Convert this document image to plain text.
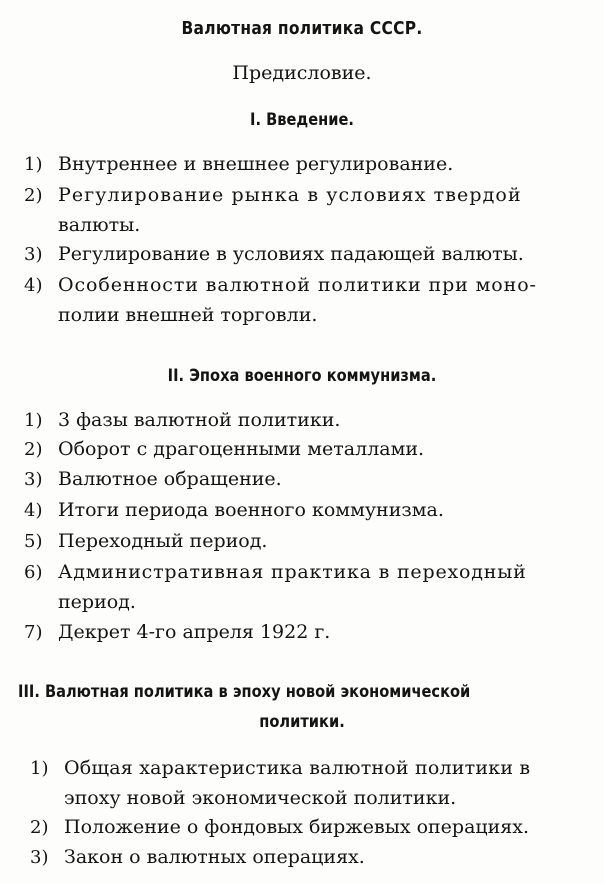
Валютная политика СССР.
Предисловие.
I. Введение.
1) Внутреннее и внешнее регулирование.
2) Регулирование рынка в условиях твердой
валюты.
3) Регулирование в условиях падающей валюты.
4) Особенности валютной политики при моно-
полии внешней торговли.
II. Эпоха военного коммунизма.
1) 3 фазы валютной политики.
2) Оборот с драгоценными металлами.
3) Валютное обращение.
4) Итоги периода военного коммунизма.
5) Переходный период.
6) Административная практика в переходный
период.
7) Декрет 4-го апреля 1922 г.
III. Валютная политика в эпоху новой экономической
политики.
1) Общая характеристика валютной политики в
эпоху новой экономической политики.
2) Положение о фондовых биржевых операциях.
3) Закон о валютных операциях.
